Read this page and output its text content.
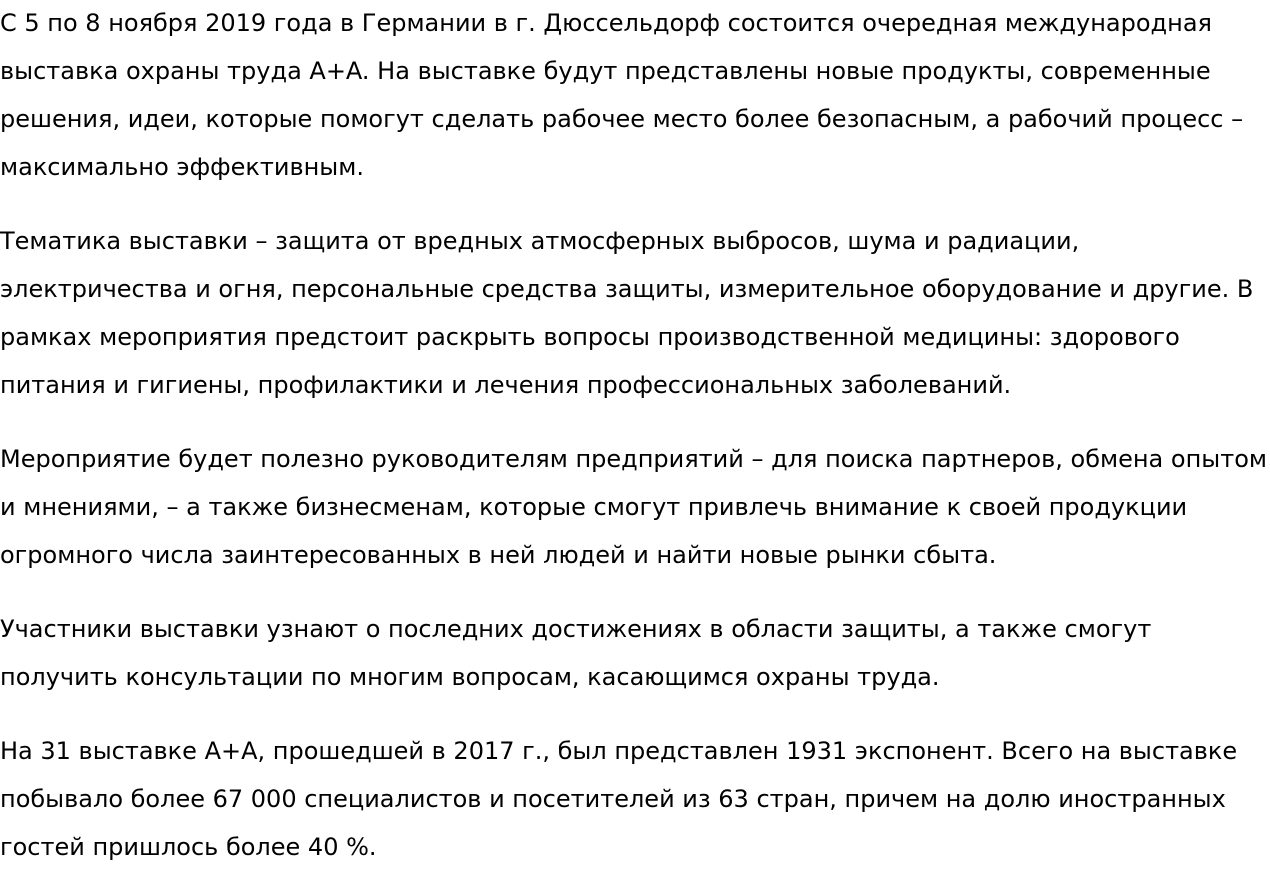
С 5 по 8 ноября 2019 года в Германии в г. Дюссельдорф состоится очередная международная выставка охраны труда A+A. На выставке будут представлены новые продукты, современные решения, идеи, которые помогут сделать рабочее место более безопасным, а рабочий процесс – максимально эффективным.

Тематика выставки – защита от вредных атмосферных выбросов, шума и радиации, электричества и огня, персональные средства защиты, измерительное оборудование и другие. В рамках мероприятия предстоит раскрыть вопросы производственной медицины: здорового питания и гигиены, профилактики и лечения профессиональных заболеваний.

Мероприятие будет полезно руководителям предприятий – для поиска партнеров, обмена опытом и мнениями, – а также бизнесменам, которые смогут привлечь внимание к своей продукции огромного числа заинтересованных в ней людей и найти новые рынки сбыта.

Участники выставки узнают о последних достижениях в области защиты, а также смогут получить консультации по многим вопросам, касающимся охраны труда.

На 31 выставке A+A, прошедшей в 2017 г., был представлен 1931 экспонент. Всего на выставке побывало более 67 000 специалистов и посетителей из 63 стран, причем на долю иностранных гостей пришлось более 40 %.
